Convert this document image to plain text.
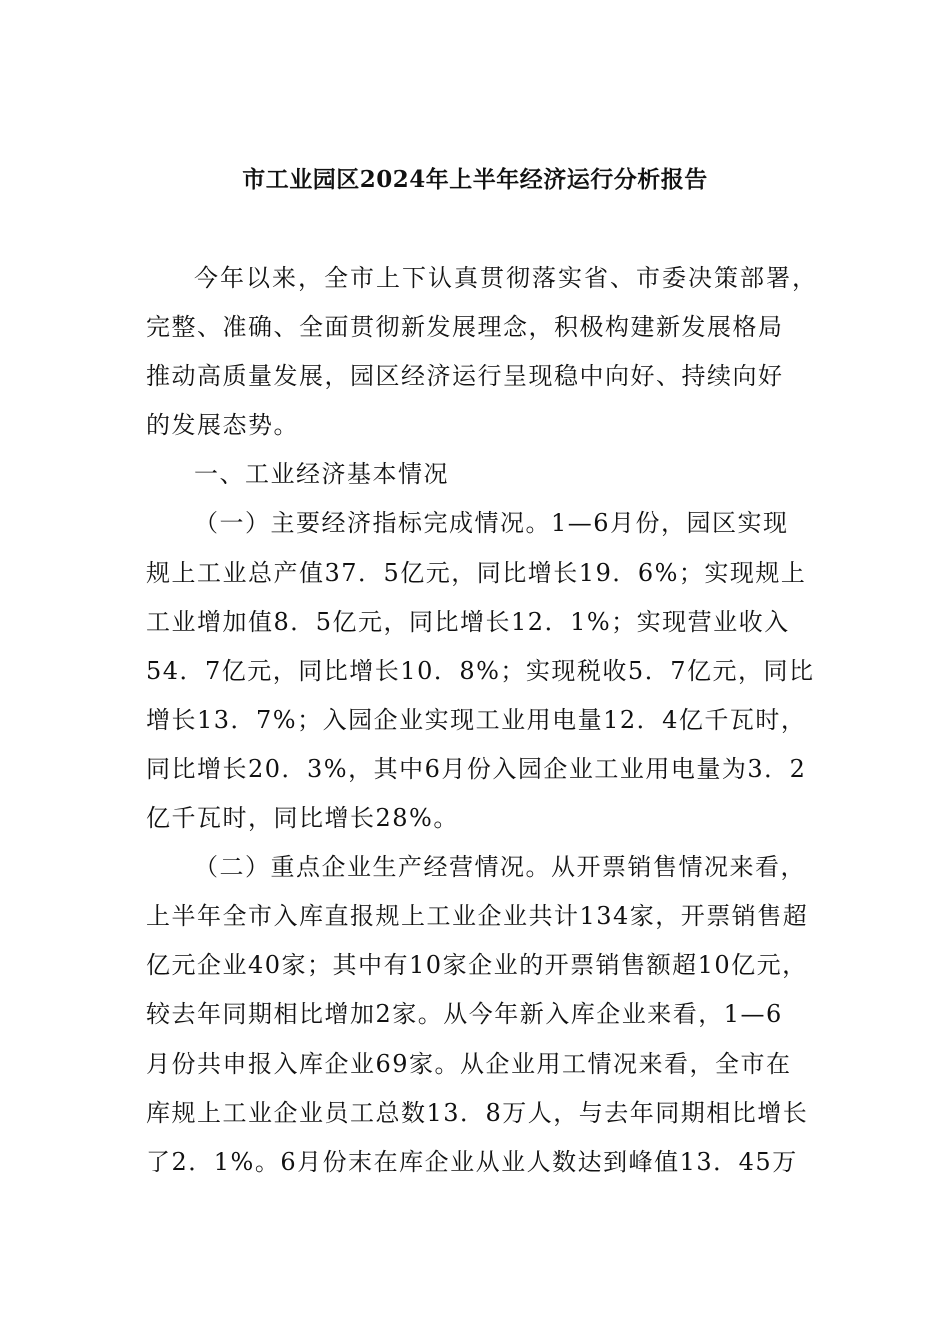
市工业园区2024年上半年经济运行分析报告
今年以来，全市上下认真贯彻落实省、市委决策部署，
完整、准确、全面贯彻新发展理念，积极构建新发展格局
推动高质量发展，园区经济运行呈现稳中向好、持续向好
的发展态势。
一、工业经济基本情况
（一）主要经济指标完成情况。1—6月份，园区实现
规上工业总产值37．5亿元，同比增长19．6%；实现规上
工业增加值8．5亿元，同比增长12．1%；实现营业收入
54．7亿元，同比增长10．8%；实现税收5．7亿元，同比
增长13．7%；入园企业实现工业用电量12．4亿千瓦时，
同比增长20．3%，其中6月份入园企业工业用电量为3．2
亿千瓦时，同比增长28%。
（二）重点企业生产经营情况。从开票销售情况来看，
上半年全市入库直报规上工业企业共计134家，开票销售超
亿元企业40家；其中有10家企业的开票销售额超10亿元，
较去年同期相比增加2家。从今年新入库企业来看，1—6
月份共申报入库企业69家。从企业用工情况来看，全市在
库规上工业企业员工总数13．8万人，与去年同期相比增长
了2．1%。6月份末在库企业从业人数达到峰值13．45万
